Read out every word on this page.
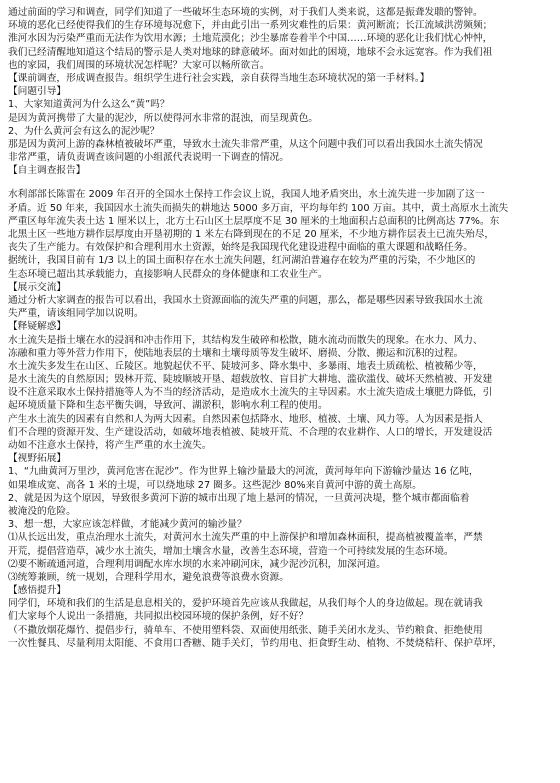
通过前面的学习和调查，同学们知道了一些破坏生态环境的实例，对于我们人类来说，这都是振聋发聩的警钟。
环境的恶化已经使得我们的生存环境每况愈下，并由此引出一系列灾难性的后果：黄河断流；长江流域洪涝频频；
淮河水因为污染严重而无法作为饮用水源；土地荒漠化；沙尘暴席卷着半个中国……环境的恶化让我们忧心忡忡，
我们已经清醒地知道这个结局的警示是人类对地球的肆意破坏。面对如此的困境，地球不会永远宽容。作为我们祖
也的家园，我们周围的环境状况怎样呢？大家可以畅所欲言。
【课前调查，形成调查报告。组织学生进行社会实践，亲自获得当地生态环境状况的第一手材料。】
【问题引导】
1、大家知道黄河为什么这么“黄”吗？
是因为黄河携带了大量的泥沙，所以使得河水非常的混浊，而呈现黄色。
2、为什么黄河会有这么的泥沙呢？
那是因为黄河上游的森林植被破坏严重，导致水土流失非常严重，从这个问题中我们可以看出我国水土流失情况
非常严重，请负责调查该问题的小组派代表说明一下调查的情况。
【自主调查报告】
水利部部长陈雷在 2009 年召开的全国水土保持工作会议上说，我国人地矛盾突出，水土流失进一步加剧了这一
矛盾。近 50 年来，我国因水土流失而损失的耕地达 5000 多万亩，平均每年约 100 万亩。其中，黄土高原水土流失
严重区每年流失表土达 1 厘米以上，北方土石山区土层厚度不足 30 厘米的土地面积占总面积的比例高达 77%。东
北黑土区一些地方耕作层厚度由开垦初期的 1 米左右降到现在的不足 20 厘米，不少地方耕作层表土已流失殆尽，
丧失了生产能力。有效保护和合理利用水土资源，始终是我国现代化建设进程中面临的重大课题和战略任务。
据统计，我国目前有 1/3 以上的国土面积存在水土流失问题，红河湖泊普遍存在较为严重的污染，不少地区的
生态环境已超出其承载能力，直接影响人民群众的身体健康和工农业生产。
【展示交流】
通过分析大家调查的报告可以看出，我国水土资源面临的流失严重的问题，那么，都是哪些因素导致我国水土流
失严重，请该组同学加以说明。
【释疑解惑】
水土流失是指土壤在水的浸润和冲击作用下，其结构发生破碎和松散，随水流动而散失的现象。在水力、风力、
冻融和重力等外营力作用下，使陆地表层的土壤和土壤母质等发生破坏、磨损、分散、搬运和沉积的过程。
水土流失多发生在山区、丘陵区。地貌起伏不平、陡坡河多、降水集中、多暴雨、地表土质疏松、植被稀少等，
是水土流失的自然原因；毁林开荒、陡坡顺坡开垦、超载放牧、盲目扩大耕地、滥砍滥伐、破坏天然植被、开发建
设不注意采取水土保持措施等人为不当的经济活动，是造成水土流失的主导因素。水土流失造成土壤肥力降低，引
起环境质量下降和生态平衡失调，导致河、湖淤积，影响水利工程的使用。
产生水土流失的因素有自然和人为两大因素。自然因素包括降水、地形、植被、土壤、风力等。人为因素是指人
们不合理的资源开发、生产建设活动，如破坏地表植被、陡坡开荒、不合理的农业耕作、人口的增长，开发建设活
动如不注意水土保持，将产生严重的水土流失。
【视野拓展】
1、“九曲黄河万里沙，黄河危害在泥沙”。作为世界上输沙量最大的河流，黄河每年向下游输沙量达 16 亿吨，
如果堆成宽、高各 1 米的土堤，可以绕地球 27 圈多。这些泥沙 80%来自黄河中游的黄土高原。
2、就是因为这个原因，导致很多黄河下游的城市出现了地上悬河的情况，一旦黄河决堤，整个城市都面临着
被淹没的危险。
3、想一想，大家应该怎样做，才能减少黄河的输沙量？
⑴从长远出发，重点治理水土流失，对黄河水土流失严重的中上游保护和增加森林面积，提高植被覆盖率，严禁
开荒，提倡营造草，减少水土流失，增加土壤含水量，改善生态环境，营造一个可持续发展的生态环境。
⑵要不断疏通河道，合理利用调配水库水坝的水来冲刷河床，减少泥沙沉积，加深河道。
⑶统筹兼顾，统一规划，合理科学用水，避免浪费等浪费水资源。
【感悟提升】
同学们，环境和我们的生活是息息相关的，爱护环境首先应该从我做起，从我们每个人的身边做起。现在就请我
们大家每个人说出一条措施，共同拟出校园环境的保护条例，好不好？
（不撒放烟花爆竹、提倡步行，骑单车、不使用塑料袋、双面使用纸张、随手关闭水龙头、节约粮食、拒绝使用
一次性餐具、尽量利用太阳能、不食用口香糖、随手关灯，节约用电、拒食野生动、植物、不焚烧秸秆、保护草坪，
